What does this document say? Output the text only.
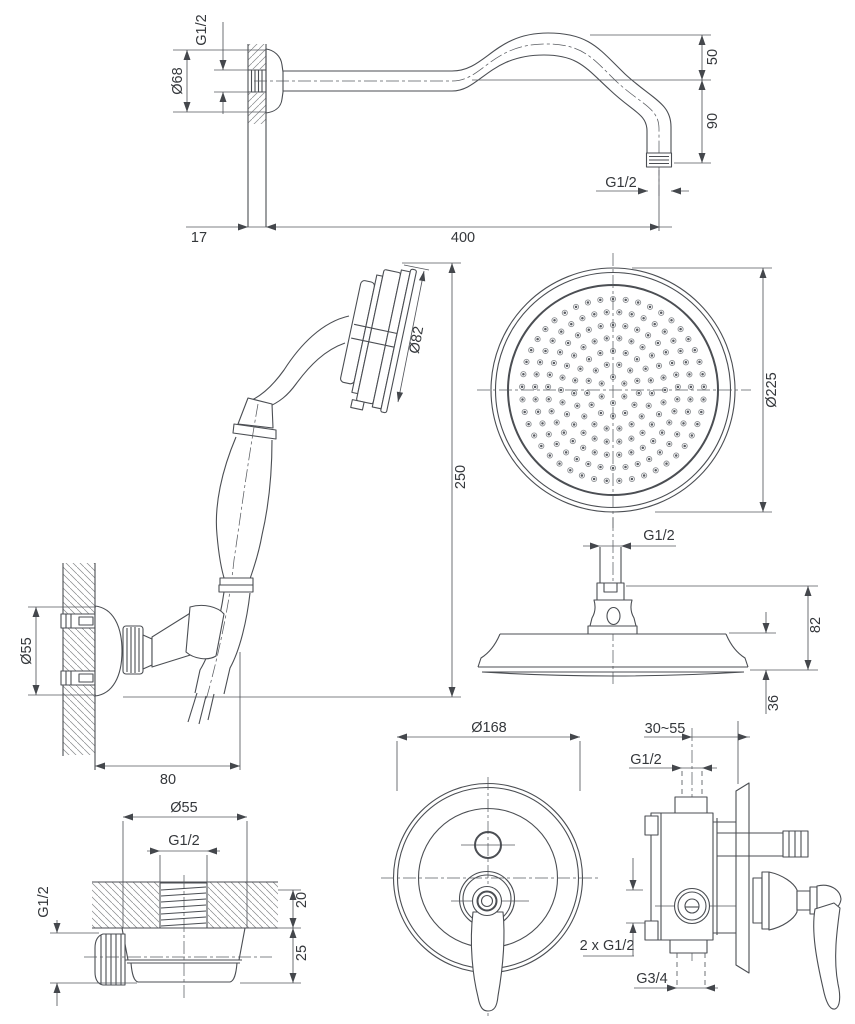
G1/2
Ø68
50
90
G1/2
17	400
Ø55
80
250
Ø82
Ø225
G1/2
82
36
Ø55
G1/2
G1/2	20
25
Ø168
2 x G1/2
30~55
G1/2
G3/4
